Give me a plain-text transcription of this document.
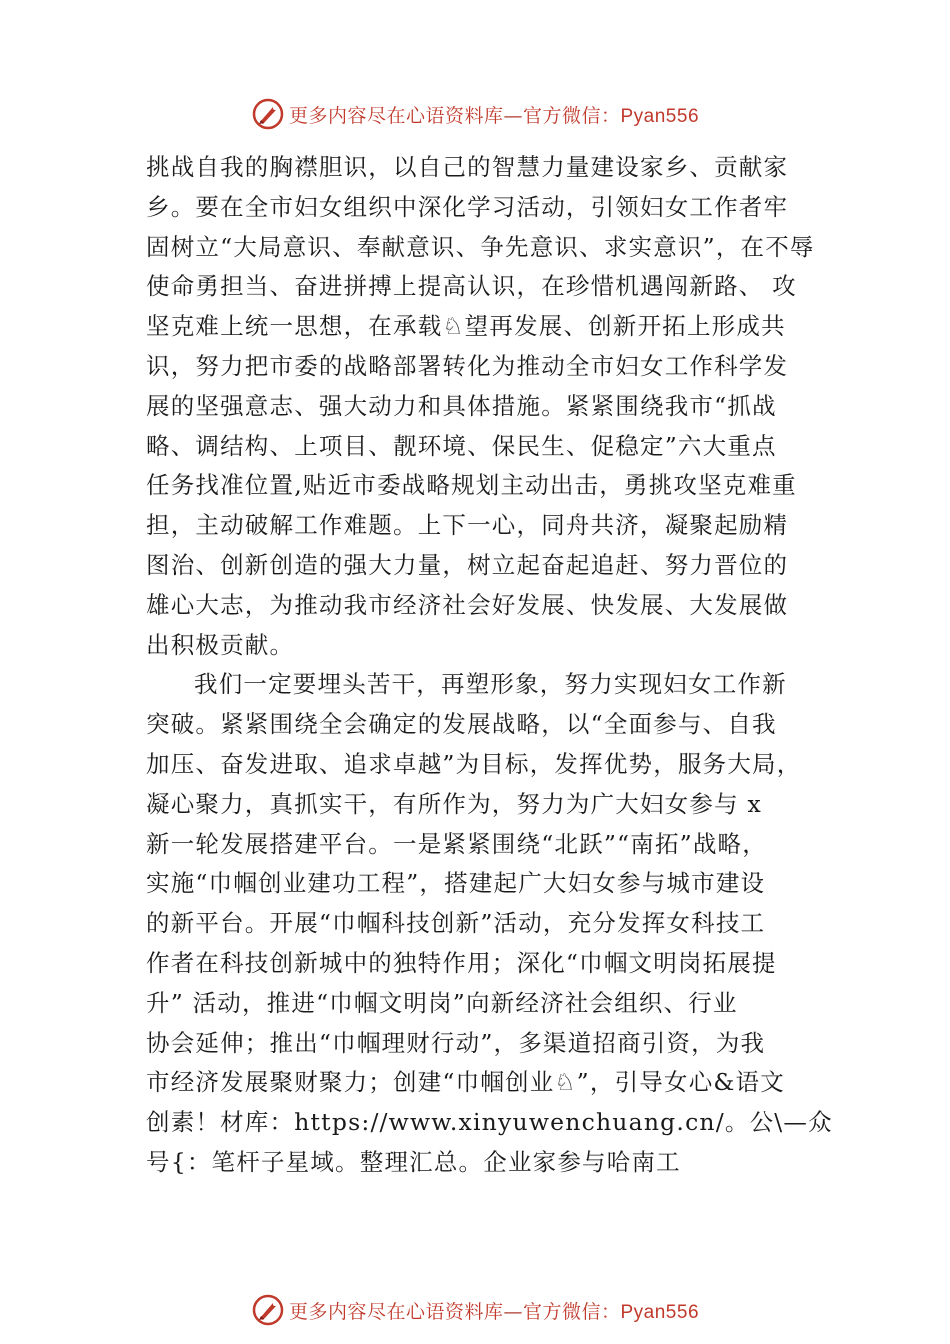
更多内容尽在心语资料库—官方微信：Pyan556
挑战自我的胸襟胆识，以自己的智慧力量建设家乡、贡献家
乡。要在全市妇女组织中深化学习活动，引领妇女工作者牢
固树立“大局意识、奉献意识、争先意识、求实意识”，在不辱
使命勇担当、奋进拼搏上提高认识，在珍惜机遇闯新路、 攻
坚克难上统一思想，在承载♘望再发展、创新开拓上形成共
识，努力把市委的战略部署转化为推动全市妇女工作科学发
展的坚强意志、强大动力和具体措施。紧紧围绕我市“抓战
略、调结构、上项目、靓环境、保民生、促稳定”六大重点
任务找准位置,贴近市委战略规划主动出击，勇挑攻坚克难重
担，主动破解工作难题。上下一心，同舟共济，凝聚起励精
图治、创新创造的强大力量，树立起奋起追赶、努力晋位的
雄心大志，为推动我市经济社会好发展、快发展、大发展做
出积极贡献。
我们一定要埋头苦干，再塑形象，努力实现妇女工作新
突破。紧紧围绕全会确定的发展战略，以“全面参与、自我
加压、奋发进取、追求卓越”为目标，发挥优势，服务大局，
凝心聚力，真抓实干，有所作为，努力为广大妇女参与 x
新一轮发展搭建平台。一是紧紧围绕“北跃”“南拓”战略，
实施“巾帼创业建功工程”，搭建起广大妇女参与城市建设
的新平台。开展“巾帼科技创新”活动，充分发挥女科技工
作者在科技创新城中的独特作用；深化“巾帼文明岗拓展提
升” 活动，推进“巾帼文明岗”向新经济社会组织、行业
协会延伸；推出“巾帼理财行动”，多渠道招商引资，为我
市经济发展聚财聚力；创建“巾帼创业♘”，引导女心&语文
创素！材库：https://www.xinyuwenchuang.cn/。公\—众
号{：笔杆子星域。整理汇总。企业家参与哈南工
更多内容尽在心语资料库—官方微信：Pyan556
